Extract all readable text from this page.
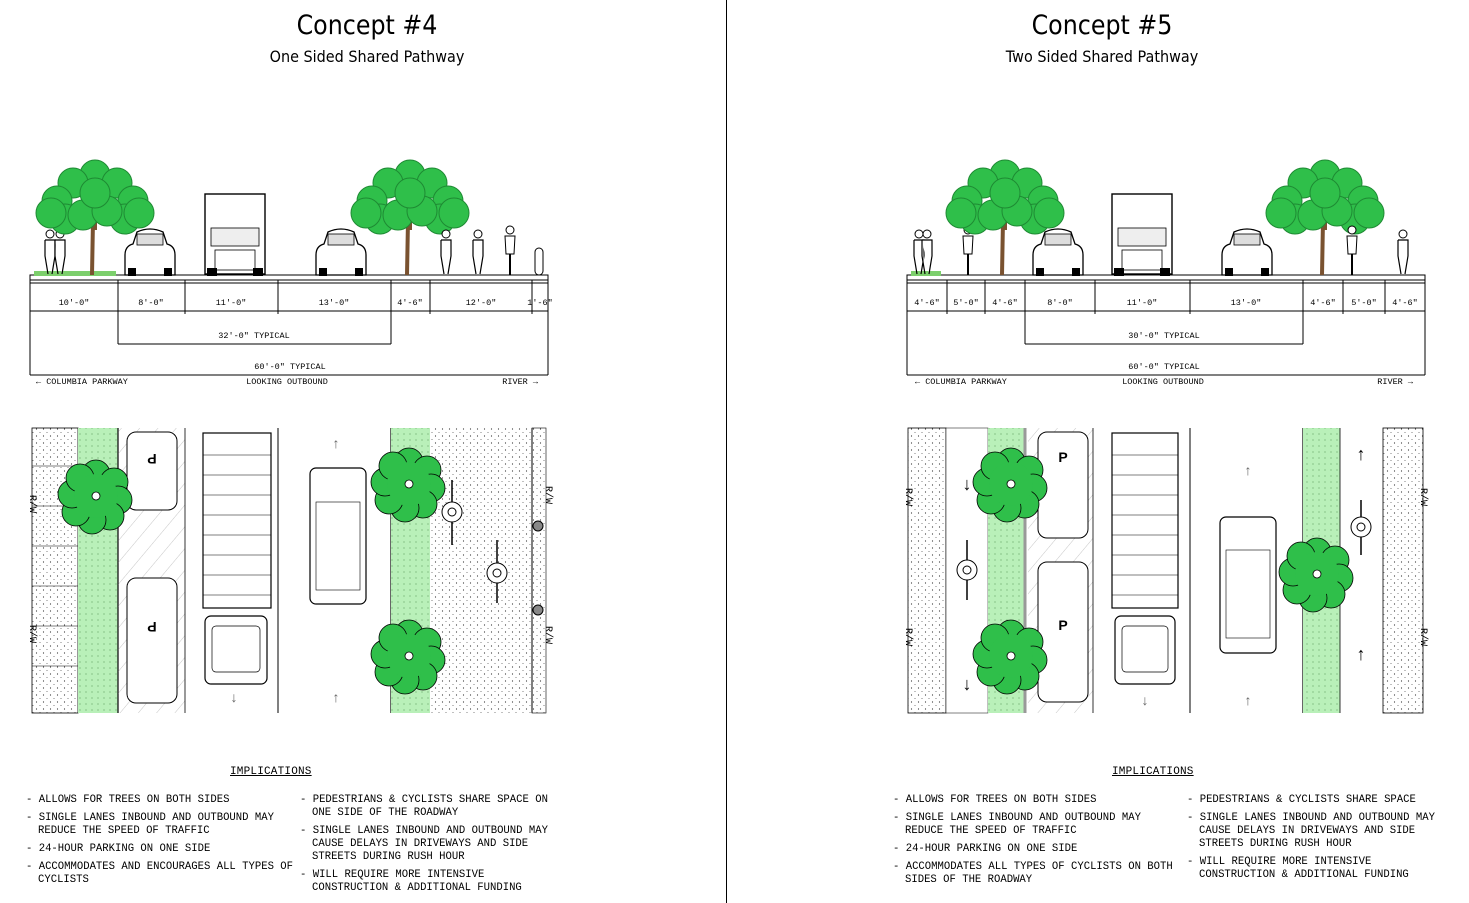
Concept #4
One Sided Shared Pathway
10'-0"	8'-0"	11'-0"	13'-0"	4'-6"	12'-0"	1'-6"
32'-0" TYPICAL
60'-0" TYPICAL
← COLUMBIA PARKWAY	LOOKING OUTBOUND	RIVER →
R/W
R/W
P
P
↑
↑
↓
R/W
R/W
IMPLICATIONS
- ALLOWS FOR TREES ON BOTH SIDES
- SINGLE LANES INBOUND AND OUTBOUND MAY REDUCE THE SPEED OF TRAFFIC
- 24-HOUR PARKING ON ONE SIDE
- ACCOMMODATES AND ENCOURAGES ALL TYPES OF CYCLISTS
- PEDESTRIANS & CYCLISTS SHARE SPACE ON ONE SIDE OF THE ROADWAY
- SINGLE LANES INBOUND AND OUTBOUND MAY CAUSE DELAYS IN DRIVEWAYS AND SIDE STREETS DURING RUSH HOUR
- WILL REQUIRE MORE INTENSIVE CONSTRUCTION & ADDITIONAL FUNDING
Concept #5
Two Sided Shared Pathway
4'-6" 5'-0" 4'-6"	8'-0"	11'-0"	13'-0"	4'-6" 5'-0" 4'-6"
30'-0" TYPICAL
60'-0" TYPICAL
← COLUMBIA PARKWAY	LOOKING OUTBOUND	RIVER →
R/W
R/W
P
P
↑
↑
↓
R/W
R/W
↓
↓
↑
↑
IMPLICATIONS
- ALLOWS FOR TREES ON BOTH SIDES
- SINGLE LANES INBOUND AND OUTBOUND MAY REDUCE THE SPEED OF TRAFFIC
- 24-HOUR PARKING ON ONE SIDE
- ACCOMMODATES ALL TYPES OF CYCLISTS ON BOTH SIDES OF THE ROADWAY
- PEDESTRIANS & CYCLISTS SHARE SPACE
- SINGLE LANES INBOUND AND OUTBOUND MAY CAUSE DELAYS IN DRIVEWAYS AND SIDE STREETS DURING RUSH HOUR
- WILL REQUIRE MORE INTENSIVE CONSTRUCTION & ADDITIONAL FUNDING
